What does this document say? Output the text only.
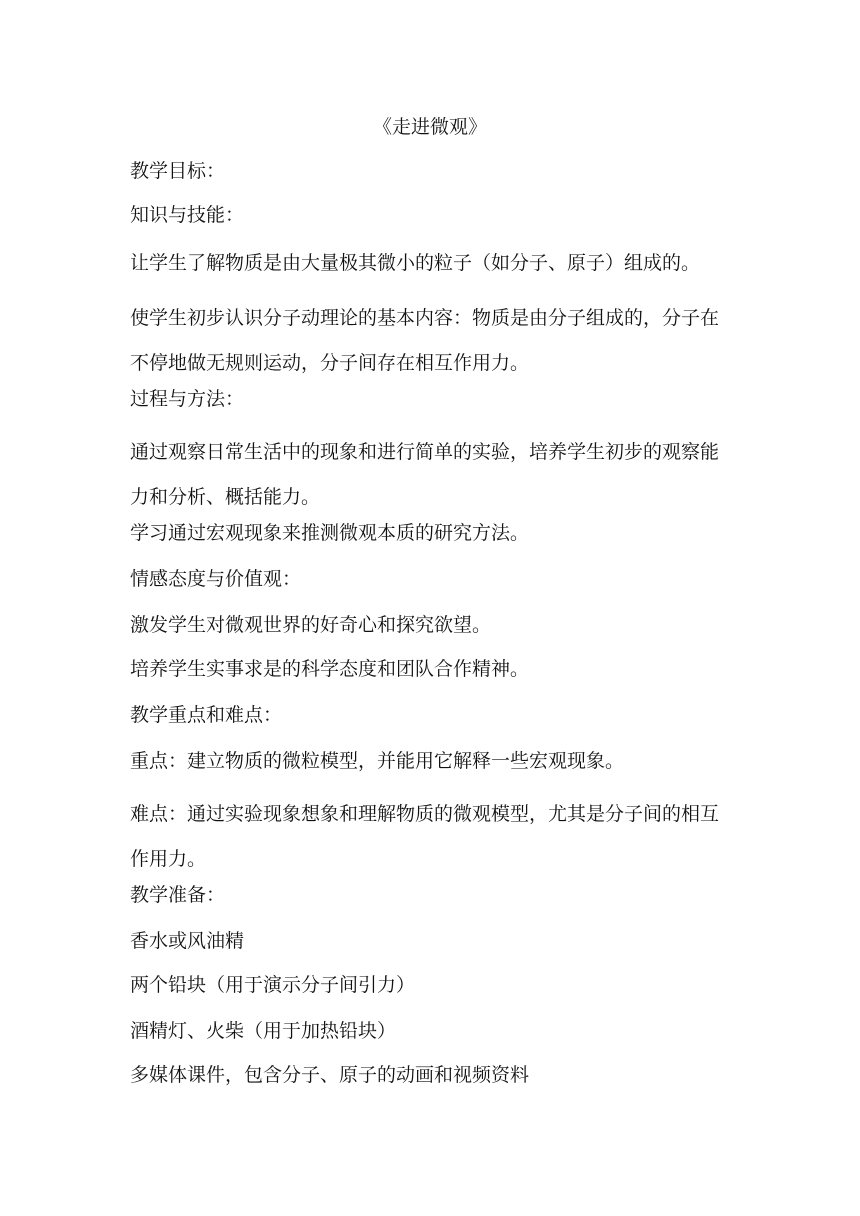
《走进微观》

教学目标：

知识与技能：

让学生了解物质是由大量极其微小的粒子（如分子、原子）组成的。

使学生初步认识分子动理论的基本内容：物质是由分子组成的，分子在不停地做无规则运动，分子间存在相互作用力。

过程与方法：

通过观察日常生活中的现象和进行简单的实验，培养学生初步的观察能力和分析、概括能力。

学习通过宏观现象来推测微观本质的研究方法。

情感态度与价值观：

激发学生对微观世界的好奇心和探究欲望。

培养学生实事求是的科学态度和团队合作精神。

教学重点和难点：

重点：建立物质的微粒模型，并能用它解释一些宏观现象。

难点：通过实验现象想象和理解物质的微观模型，尤其是分子间的相互作用力。

教学准备：

香水或风油精

两个铅块（用于演示分子间引力）

酒精灯、火柴（用于加热铅块）

多媒体课件，包含分子、原子的动画和视频资料
